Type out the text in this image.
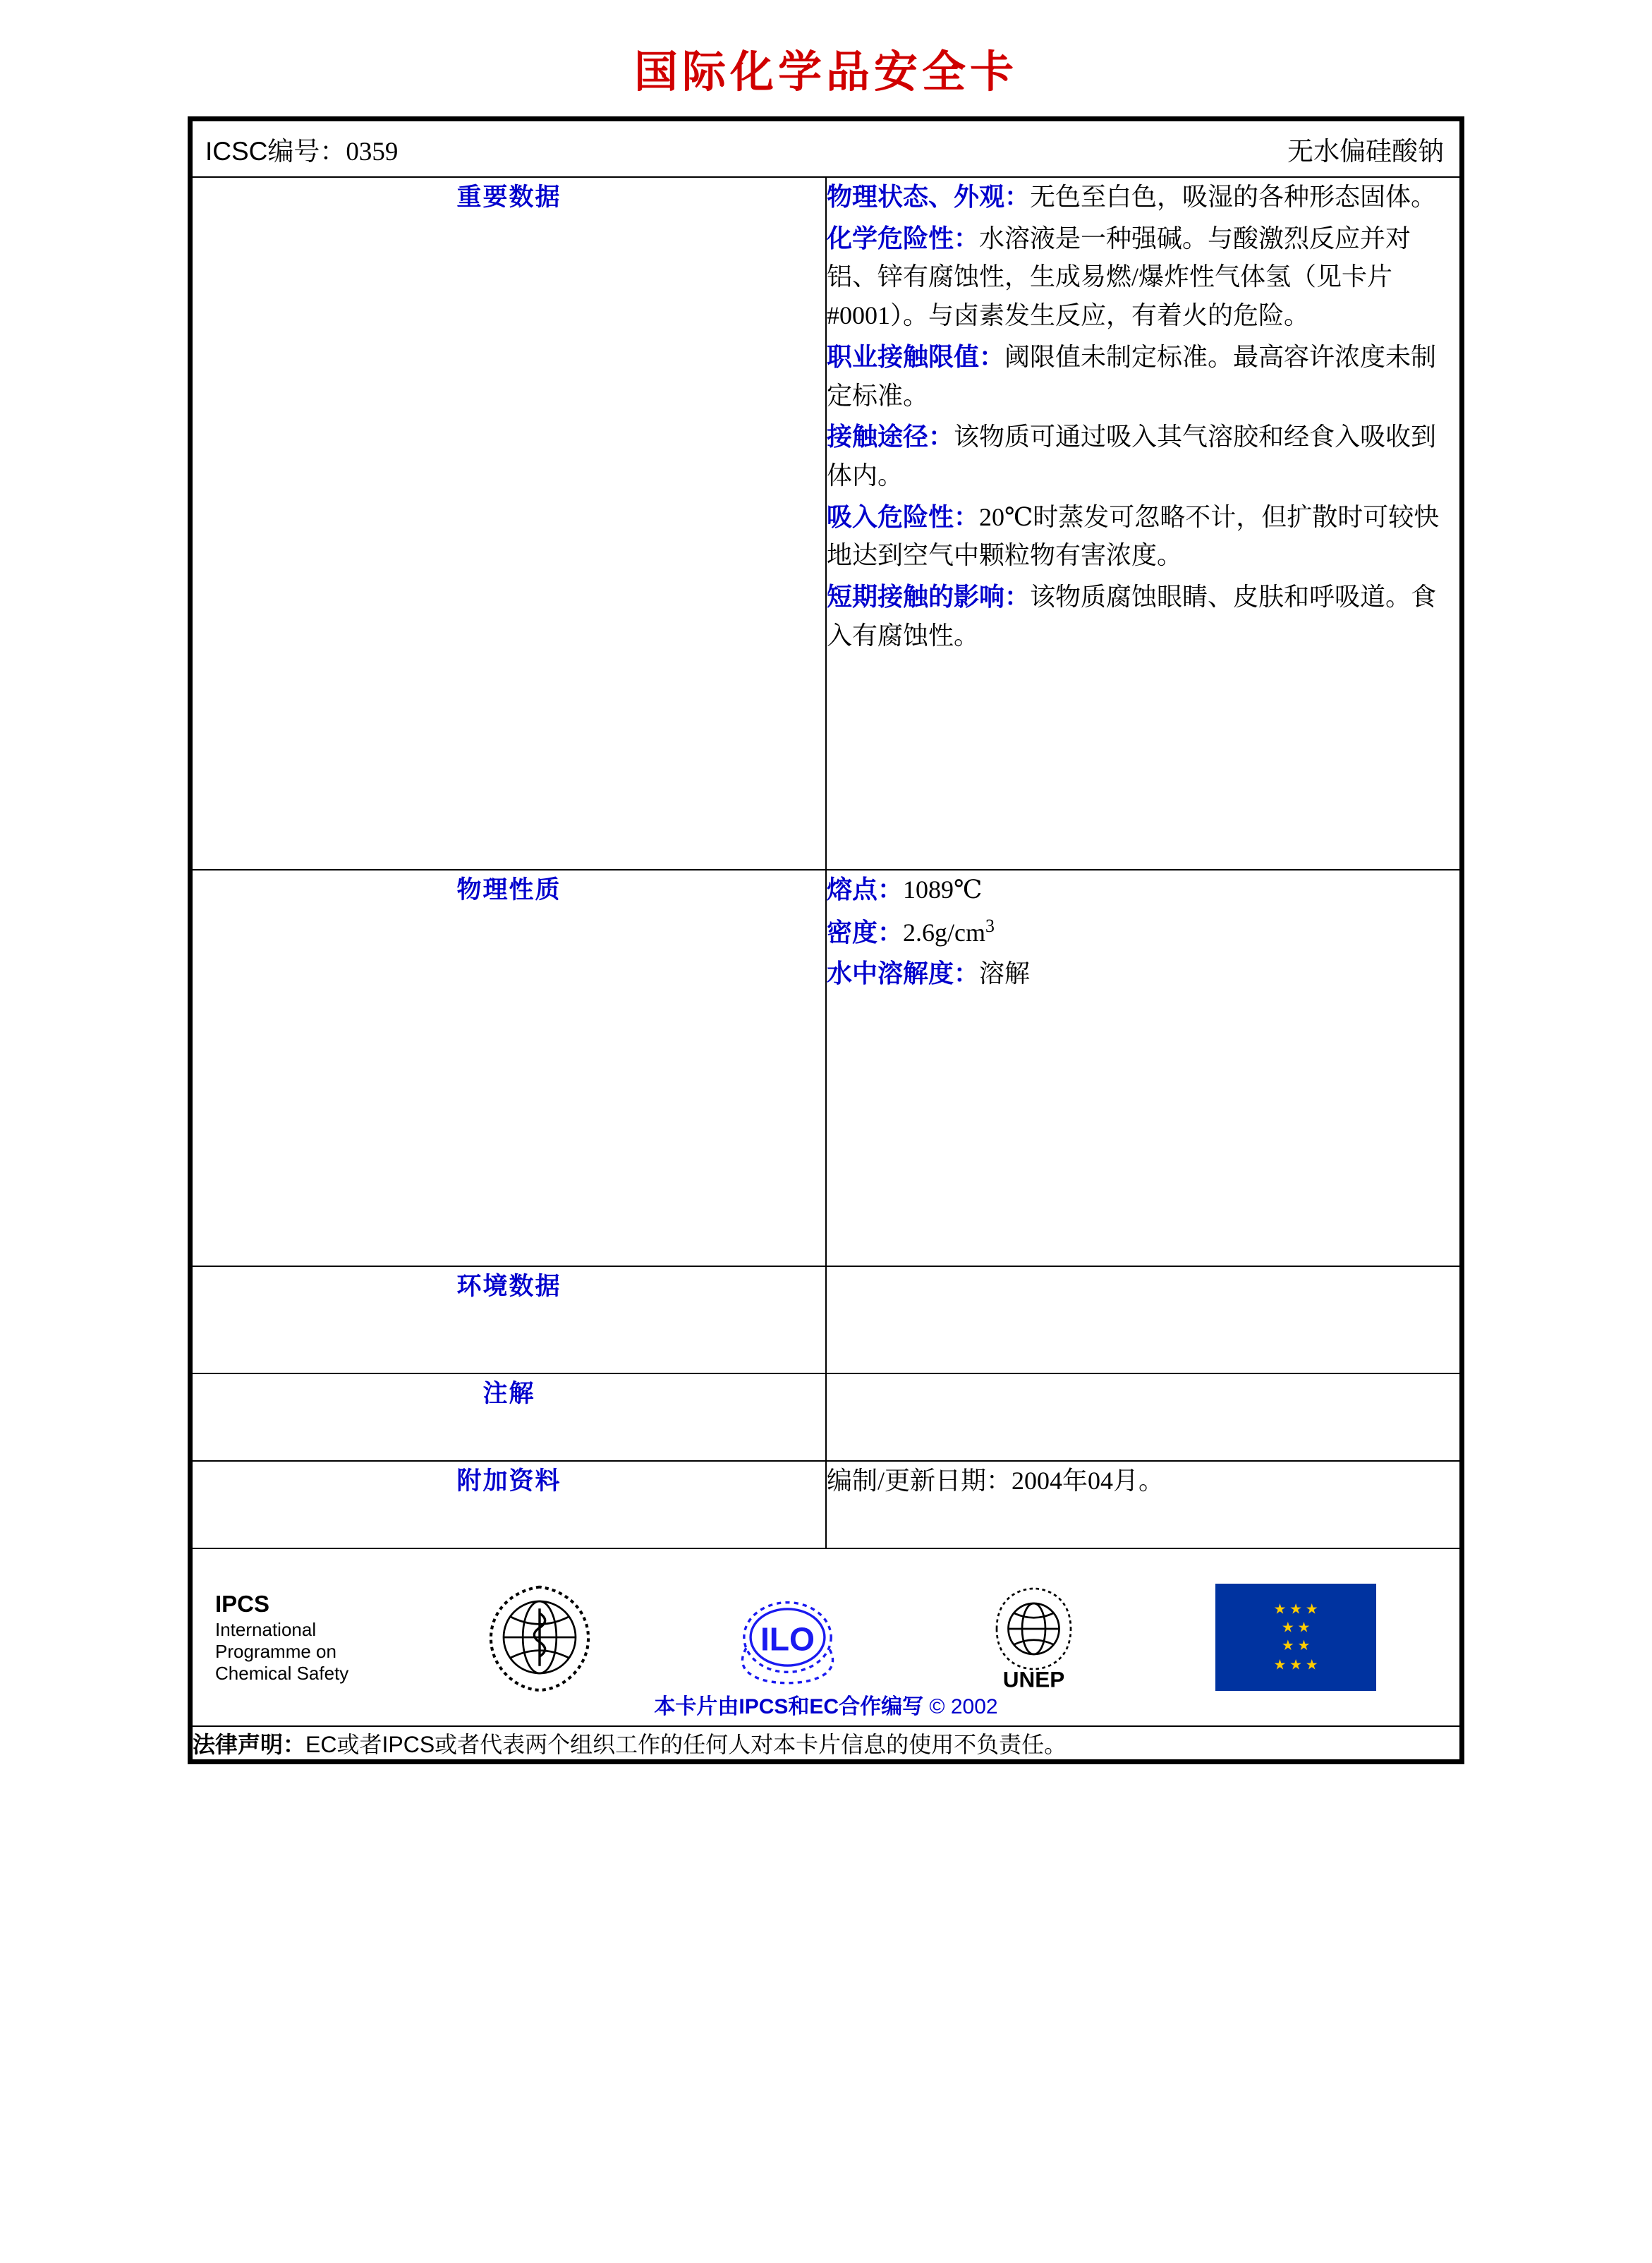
国际化学品安全卡
ICSC编号：0359 无水偏硅酸钠	

重要数据	物理状态、外观：无色至白色，吸湿的各种形态固体。

化学危险性：水溶液是一种强碱。与酸激烈反应并对铝、锌有腐蚀性，生成易燃/爆炸性气体氢（见卡片#0001）。与卤素发生反应，有着火的危险。

职业接触限值：阈限值未制定标准。最高容许浓度未制定标准。

接触途径：该物质可通过吸入其气溶胶和经食入吸收到体内。

吸入危险性：20℃时蒸发可忽略不计，但扩散时可较快地达到空气中颗粒物有害浓度。

短期接触的影响：该物质腐蚀眼睛、皮肤和呼吸道。食入有腐蚀性。

物理性质	熔点：1089℃

密度：$2.6g/cm^3$

水中溶解度：溶解

环境数据	
注解	
附加资料	编制/更新日期：2004年04月。

IPCS
International
Programme on
Chemical Safety
ILO
UNEP
★ ★ ★
★ ★
★ ★
★ ★ ★
本卡片由IPCS和EC合作编写 © 2002

法律声明：EC或者IPCS或者代表两个组织工作的任何人对本卡片信息的使用不负责任。	
